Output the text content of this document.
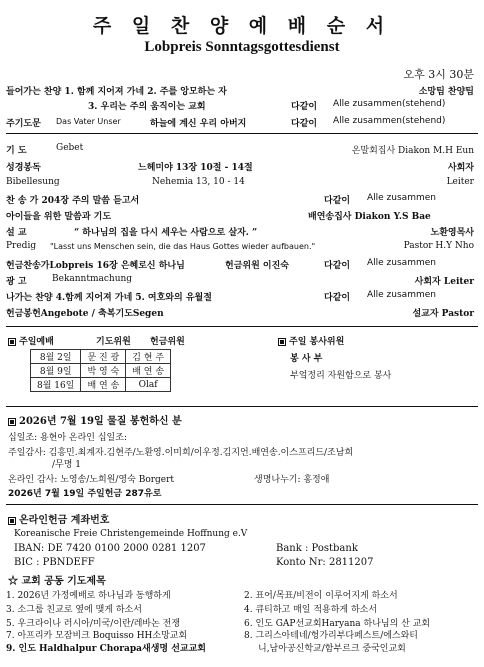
주 일 찬 양 예 배 순 서
Lobpreis Sonntagsgottesdienst
오후 3시 30분
들어가는 찬양 1. 함께 지어져 가네 2. 주를 앙모하는 자	소망팀 찬양팀
3. 우리는 주의 움직이는 교회	다같이 Alle zusammen(stehend)
주기도문 Das Vater Unser	하늘에 계신 우리 아버지	다같이 Alle zusammen(stehend)
기 도	Gebet	온말회집사 Diakon M.H Eun
성경봉독	느헤미야 13장 10절 - 14절	사회자
Bibellesung	Nehemia 13, 10 - 14	Leiter
찬 송 가 204장 주의 말씀 듣고서	다같이 Alle zusammen
아이들을 위한 말씀과 기도	배연송집사 Diakon Y.S Bae
설 교	“ 하나님의 집을 다시 세우는 사람으로 살자. ”	노환영목사
Predig "Lasst uns Menschen sein, die das Haus Gottes wieder aufbauen."	Pastor H.Y Nho
헌금찬송가Lobpreis 16장 은혜로신 하나님	헌금위원 이진숙	다같이 Alle zusammen
광 고	Bekanntmachung	사회자 Leiter
나가는 찬양 4.함께 지어져 가네 5. 여호와의 유월절	다같이 Alle zusammen
헌금봉헌Angebote / 축복기도Segen	설교자 Pastor
주일예배	기도위원 헌금위원
8월 2일	문 진 광	김 현 주
8월 9일	박 영 숙	배 연 송
8월 16일	배 연 송	Olaf
주일 봉사위원
봉 사 부
부엌정리 자원함으로 봉사
2026년 7월 19일 물질 봉헌하신 분
십일조: 용현아 온라인 십일조:
주일감사: 김흥민.최계자.김현주/노환영.이미희/이우정.김지언.배연송.이스프리드/조남희
/무명 1
온라인 감사: 노영송/노희원/영숙 Borgert	생명나누기: 홍정애
2026년 7월 19일 주일헌금 287유로
온라인헌금 계좌번호
Koreanische Freie Christengemeinde Hoffnung e.V
IBAN: DE 7420 0100 2000 0281 1207	Bank : Postbank
BIC : PBNDEFF	Konto Nr: 2811207
☆ 교회 공동 기도제목
1. 2026년 가정예배로 하나님과 동행하게
3. 소그룹 친교로 옆에 맺게 하소서
5. 우크라이나 러시아/미국/이란/레바논 전쟁
7. 아프리카 모잠비크 Boquisso HH소망교회
9. 인도 Haldhalpur Chorapa새생명 선교교회
2. 표어/목표/비전이 이루어지게 하소서
4. 큐티하고 매일 적용하게 하소서
6. 인도 GAP선교회Haryana 하나님의 산 교회
8. 그리스아테네/헝가리부다페스트/에스와티
니,남아공신학교/함부르크 중국인교회
